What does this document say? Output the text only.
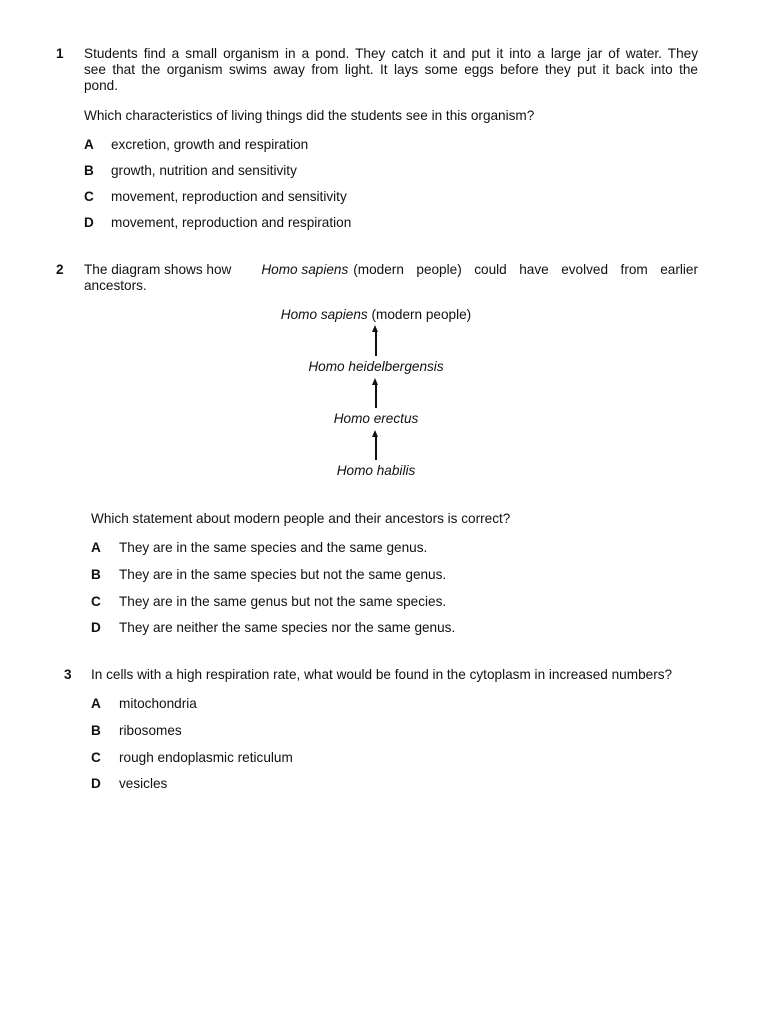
1 Students find a small organism in a pond. They catch it and put it into a large jar of water. They
see that the organism swims away from light. It lays some eggs before they put it back into the
pond.
Which characteristics of living things did the students see in this organism?
A excretion, growth and respiration
B growth, nutrition and sensitivity
C movement, reproduction and sensitivity
D movement, reproduction and respiration
2 The diagram shows how Homo sapiens (modern people) could have evolved from earlier
ancestors.
Homo sapiens (modern people)
Homo heidelbergensis
Homo erectus
Homo habilis
Which statement about modern people and their ancestors is correct?
A They are in the same species and the same genus.
B They are in the same species but not the same genus.
C They are in the same genus but not the same species.
D They are neither the same species nor the same genus.
3 In cells with a high respiration rate, what would be found in the cytoplasm in increased numbers?
A mitochondria
B ribosomes
C rough endoplasmic reticulum
D vesicles
